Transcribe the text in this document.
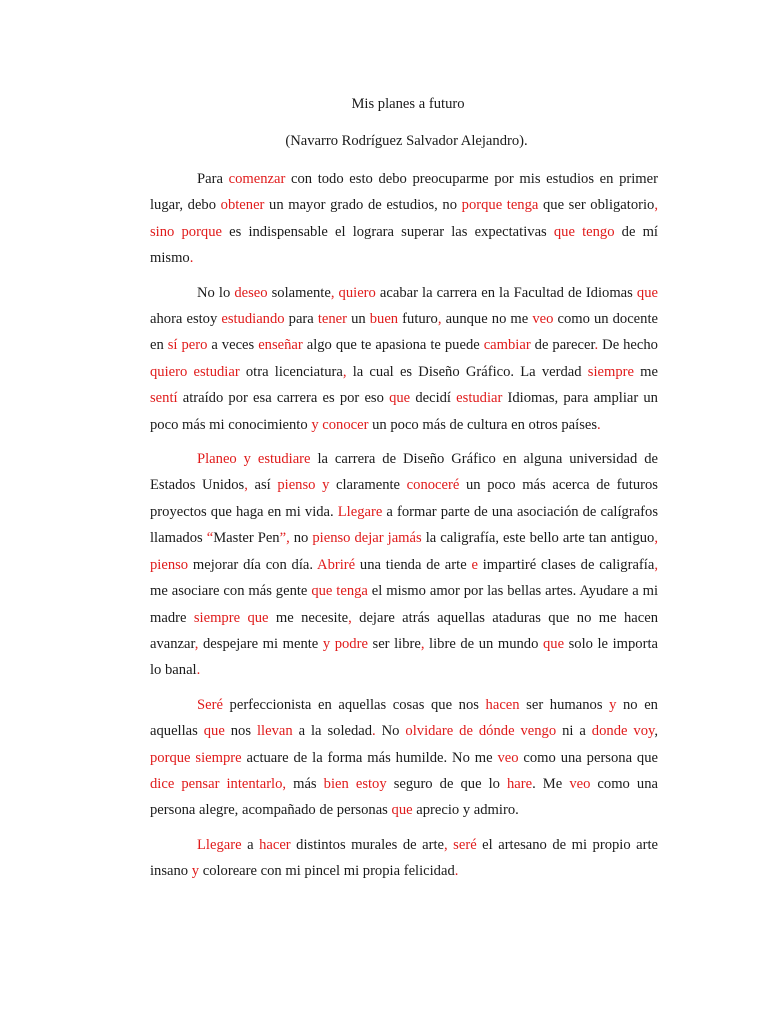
Mis planes a futuro

(Navarro Rodríguez Salvador Alejandro).

Para comenzar con todo esto debo preocuparme por mis estudios en primer lugar, debo obtener un mayor grado de estudios, no porque tenga que ser obligatorio, sino porque es indispensable el lograra superar las expectativas que tengo de mí mismo.

No lo deseo solamente, quiero acabar la carrera en la Facultad de Idiomas que ahora estoy estudiando para tener un buen futuro, aunque no me veo como un docente en sí pero a veces enseñar algo que te apasiona te puede cambiar de parecer. De hecho quiero estudiar otra licenciatura, la cual es Diseño Gráfico. La verdad siempre me sentí atraído por esa carrera es por eso que decidí estudiar Idiomas, para ampliar un poco más mi conocimiento y conocer un poco más de cultura en otros países.

Planeo y estudiare la carrera de Diseño Gráfico en alguna universidad de Estados Unidos, así pienso y claramente conoceré un poco más acerca de futuros proyectos que haga en mi vida. Llegare a formar parte de una asociación de calígrafos llamados “Master Pen”, no pienso dejar jamás la caligrafía, este bello arte tan antiguo, pienso mejorar día con día. Abriré una tienda de arte e impartiré clases de caligrafía, me asociare con más gente que tenga el mismo amor por las bellas artes. Ayudare a mi madre siempre que me necesite, dejare atrás aquellas ataduras que no me hacen avanzar, despejare mi mente y podre ser libre, libre de un mundo que solo le importa lo banal.

Seré perfeccionista en aquellas cosas que nos hacen ser humanos y no en aquellas que nos llevan a la soledad. No olvidare de dónde vengo ni a donde voy, porque siempre actuare de la forma más humilde. No me veo como una persona que dice pensar intentarlo, más bien estoy seguro de que lo hare. Me veo como una persona alegre, acompañado de personas que aprecio y admiro.

Llegare a hacer distintos murales de arte, seré el artesano de mi propio arte insano y coloreare con mi pincel mi propia felicidad.
